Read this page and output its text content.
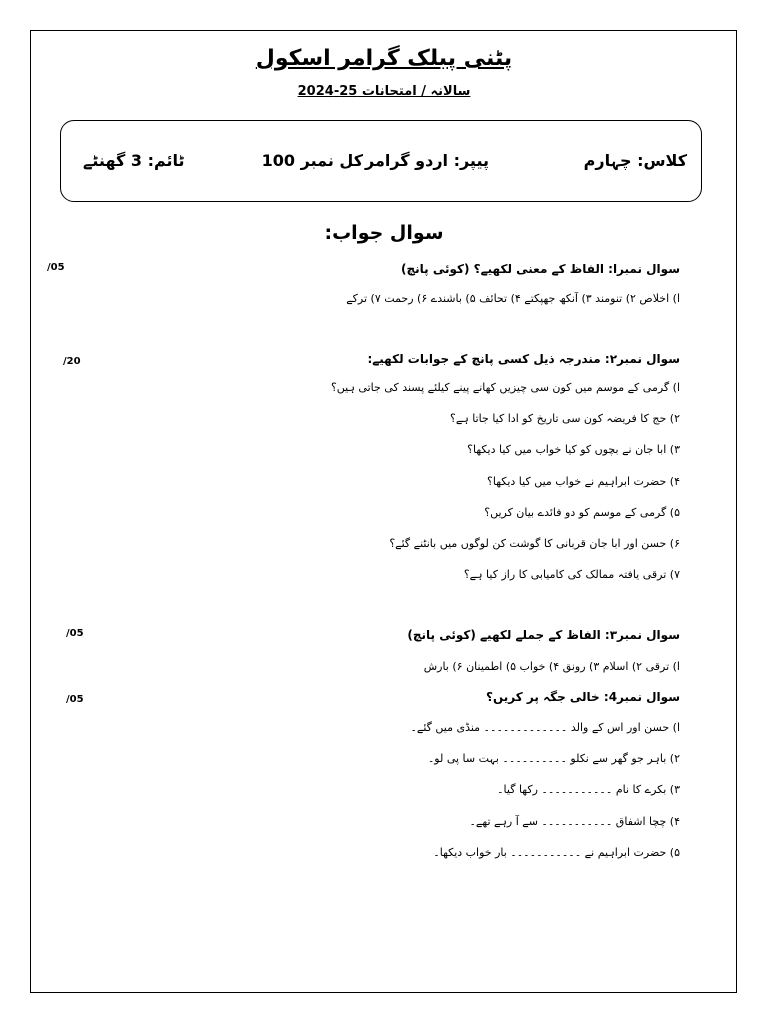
پٹنی پبلک گرامر اسکول
سالانہ / امتحانات 25-2024
کلاس: چہارم
پیپر: اردو گرامر
کل نمبر 100
ٹائم: 3 گھنٹے
سوال جواب:
سوال نمبرا: الفاظ کے معنی لکھیے؟ (کوئی پانچ)
/05
ا) اخلاص ۲) تنومند ۳) آنکھ جھپکتے ۴) تحائف ۵) باشندے ۶) رحمت ۷) ترکے
سوال نمبر۲: مندرجہ ذیل کسی پانچ کے جوابات لکھیے:
/20
ا) گرمی کے موسم میں کون سی چیزیں کھانے پینے کیلئے پسند کی جاتی ہیں؟
۲) حج کا فریضہ کون سی تاریخ کو ادا کیا جاتا ہے؟
۳) ابا جان نے بچوں کو کیا خواب میں کیا دیکھا؟
۴) حضرت ابراہیم نے خواب میں کیا دیکھا؟
۵) گرمی کے موسم کو دو فائدے بیان کریں؟
۶) حسن اور ابا جان قربانی کا گوشت کن لوگوں میں بانٹنے گئے؟
۷) ترقی یافتہ ممالک کی کامیابی کا راز کیا ہے؟
سوال نمبر۳: الفاظ کے جملے لکھیے (کوئی پانچ)
/05
ا) ترقی ۲) اسلام ۳) رونق ۴) خواب ۵) اطمینان ۶) بارش
سوال نمبر4: خالی جگہ پر کریں؟
/05
ا) حسن اور اس کے والد ۔۔۔۔۔۔۔۔۔۔۔۔۔ منڈی میں گئے۔
۲) باہر جو گھر سے نکلو ۔۔۔۔۔۔۔۔۔۔ بہت سا پی لو۔
۳) بکرے کا نام ۔۔۔۔۔۔۔۔۔۔۔ رکھا گیا۔
۴) چچا اشفاق ۔۔۔۔۔۔۔۔۔۔۔ سے آ رہے تھے۔
۵) حضرت ابراہیم نے ۔۔۔۔۔۔۔۔۔۔۔ بار خواب دیکھا۔
